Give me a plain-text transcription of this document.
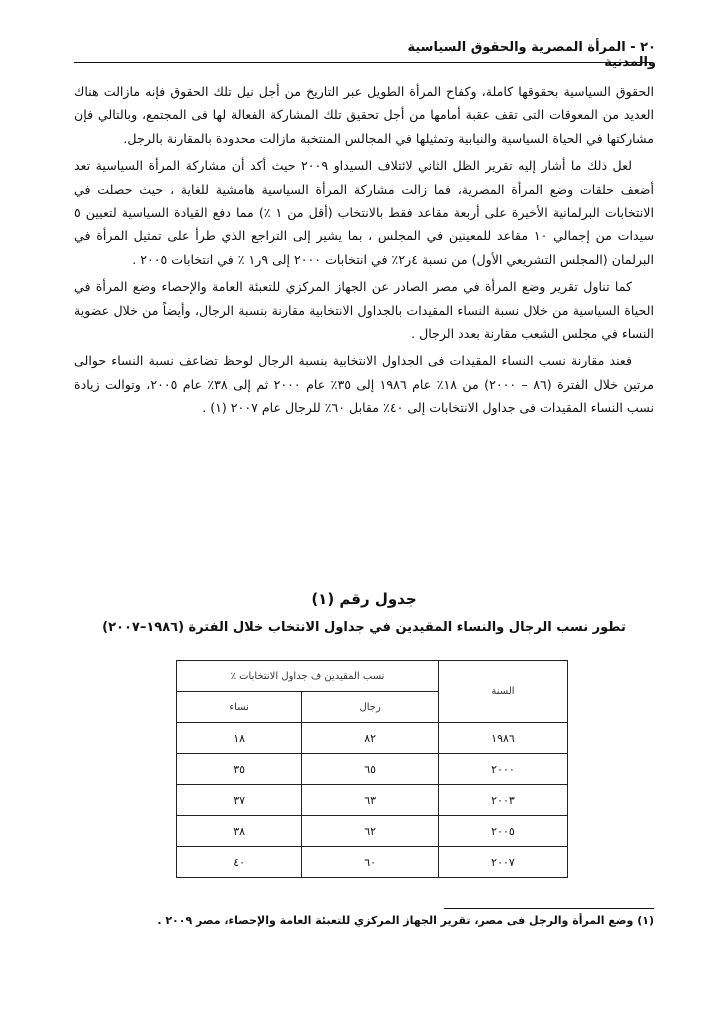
٢٠ - المرأة المصرية والحقوق السياسية والمدنية

الحقوق السياسية بحقوقها كاملة، وكفاح المرأة الطويل عبر التاريخ من أجل نيل تلك الحقوق فإنه مازالت هناك العديد من المعوقات التى تقف عقبة أمامها من أجل تحقيق تلك المشاركة الفعالة لها فى المجتمع، وبالتالي فإن مشاركتها في الحياة السياسية والنيابية وتمثيلها في المجالس المنتخبة مازالت محدودة بالمقارنة بالرجل.

لعل ذلك ما أشار إليه تقرير الظل الثاني لائتلاف السيداو ٢٠٠٩ حيث أكد أن مشاركة المرأة السياسية تعد أضعف حلقات وضع المرأة المصرية، فما زالت مشاركة المرأة السياسية هامشية للغاية ، حيث حصلت في الانتخابات البرلمانية الأخيرة على أربعة مقاعد فقط بالانتخاب (أقل من ١ ٪) مما دفع القيادة السياسية لتعيين ٥ سيدات من إجمالي ١٠ مقاعد للمعينين في المجلس ، بما يشير إلى التراجع الذي طرأ على تمثيل المرأة في البرلمان (المجلس التشريعي الأول) من نسبة ٤ر٢٪ في انتخابات ٢٠٠٠ إلى ٩ر١ ٪ في انتخابات ٢٠٠٥ .

كما تناول تقرير وضع المرأة في مصر الصادر عن الجهاز المركزي للتعبئة العامة والإحصاء وضع المرأة في الحياة السياسية من خلال نسبة النساء المقيدات بالجداول الانتخابية مقارنة بنسبة الرجال، وأيضاً من خلال عضوية النساء في مجلس الشعب مقارنة بعدد الرجال .

فعند مقارنة نسب النساء المقيدات فى الجداول الانتخابية بنسبة الرجال لوحظ تضاعف نسبة النساء حوالى مرتين خلال الفترة (٨٦ – ٢٠٠٠) من ١٨٪ عام ١٩٨٦ إلى ٣٥٪ عام ٢٠٠٠ ثم إلى ٣٨٪ عام ٢٠٠٥، وتوالت زيادة نسب النساء المقيدات فى جداول الانتخابات إلى ٤٠٪ مقابل ٦٠٪ للرجال عام ٢٠٠٧ (١) .

جدول رقم (١)
تطور نسب الرجال والنساء المقيدين في جداول الانتخاب خلال الفترة (١٩٨٦–٢٠٠٧)
السنة	نسب المقيدين ف جداول الانتخابات ٪	
	رجال	نساء
١٩٨٦	٨٢	١٨
٢٠٠٠	٦٥	٣٥
٢٠٠٣	٦٣	٣٧
٢٠٠٥	٦٢	٣٨
٢٠٠٧	٦٠	٤٠
(١) وضع المرأة والرجل فى مصر، تقرير الجهاز المركزي للتعبئة العامة والإحصاء، مصر ٢٠٠٩ .
